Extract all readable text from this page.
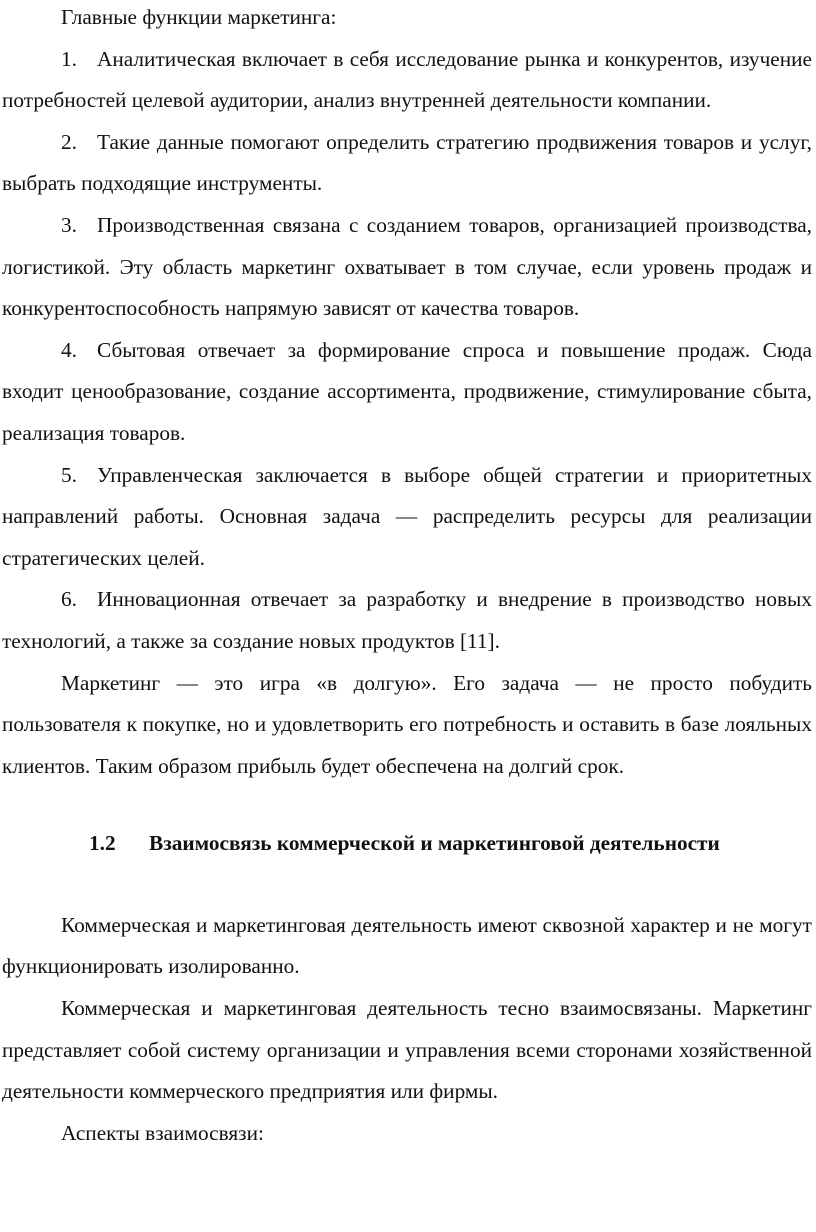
Главные функции маркетинга:

1. Аналитическая включает в себя исследование рынка и конкурентов, изучение потребностей целевой аудитории, анализ внутренней деятельности компании.

2. Такие данные помогают определить стратегию продвижения товаров и услуг, выбрать подходящие инструменты.

3. Производственная связана с созданием товаров, организацией производства, логистикой. Эту область маркетинг охватывает в том случае, если уровень продаж и конкурентоспособность напрямую зависят от качества товаров.

4. Сбытовая отвечает за формирование спроса и повышение продаж. Сюда входит ценообразование, создание ассортимента, продвижение, стимулирование сбыта, реализация товаров.

5. Управленческая заключается в выборе общей стратегии и приоритетных направлений работы. Основная задача — распределить ресурсы для реализации стратегических целей.

6. Инновационная отвечает за разработку и внедрение в производство новых технологий, а также за создание новых продуктов [11].

Маркетинг — это игра «в долгую». Его задача — не просто побудить пользователя к покупке, но и удовлетворить его потребность и оставить в базе лояльных клиентов. Таким образом прибыль будет обеспечена на долгий срок.

1.2 Взаимосвязь коммерческой и маркетинговой деятельности

Коммерческая и маркетинговая деятельность имеют сквозной характер и не могут функционировать изолированно.

Коммерческая и маркетинговая деятельность тесно взаимосвязаны. Маркетинг представляет собой систему организации и управления всеми сторонами хозяйственной деятельности коммерческого предприятия или фирмы.

Аспекты взаимосвязи:
